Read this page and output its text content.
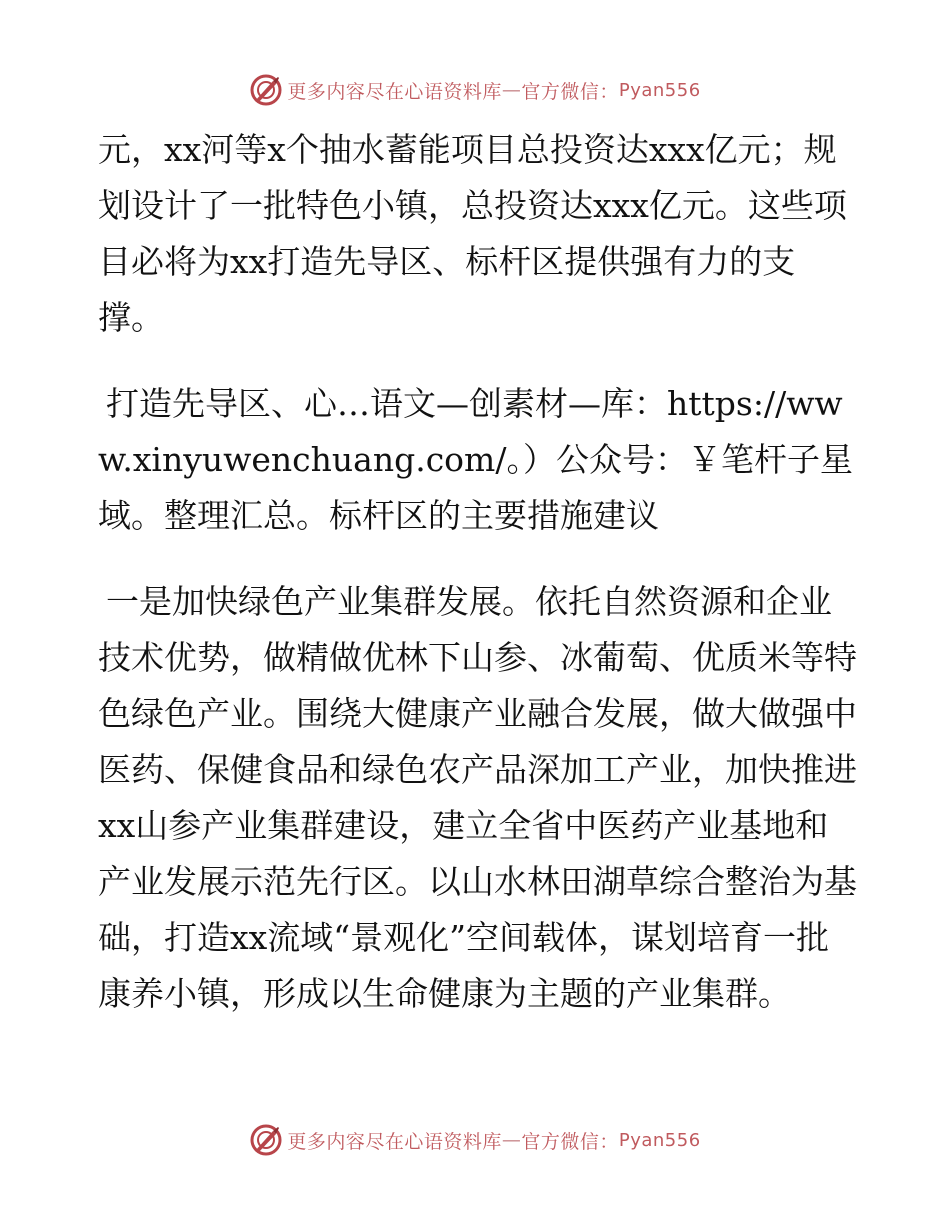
更多内容尽在心语资料库 — 官方微信： Pyan556

元，xx河等x个抽水蓄能项目总投资达xxx亿元；规划设计了一批特色小镇，总投资达xxx亿元。这些项目必将为xx打造先导区、标杆区提供强有力的支撑。

打造先导区、心…语文—创素材—库：https://www.xinyuwenchuang.com/。）公众号：￥笔杆子星域。整理汇总。标杆区的主要措施建议

一是加快绿色产业集群发展。依托自然资源和企业技术优势，做精做优林下山参、冰葡萄、优质米等特色绿色产业。围绕大健康产业融合发展，做大做强中医药、保健食品和绿色农产品深加工产业，加快推进xx山参产业集群建设，建立全省中医药产业基地和产业发展示范先行区。以山水林田湖草综合整治为基础，打造xx流域“景观化”空间载体，谋划培育一批康养小镇，形成以生命健康为主题的产业集群。

更多内容尽在心语资料库 — 官方微信： Pyan556
